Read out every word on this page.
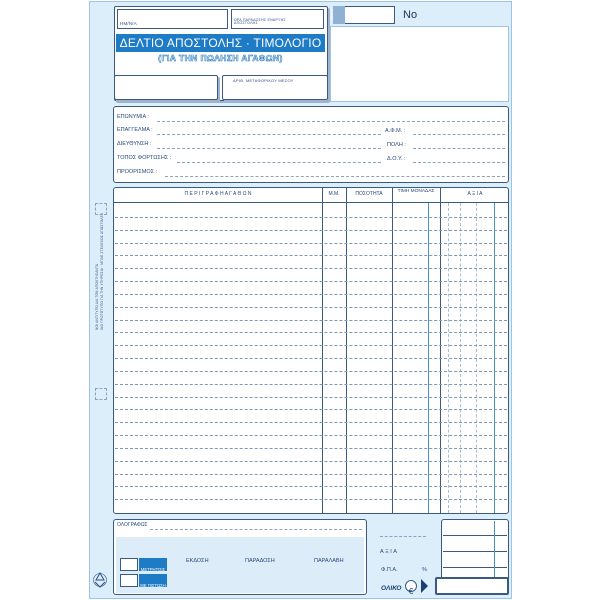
ΗΜ/ΝΙΑ
ΩΡΑ ΠΑΡΑΔΟΣΗΣ ΕΝΑΡΞΗΣ ΑΠΟΣΤΟΛΗΣ
ΔΕΛΤΙΟ ΑΠΟΣΤΟΛΗΣ · ΤΙΜΟΛΟΓΙΟ
(ΓΙΑ ΤΗΝ ΠΩΛΗΣΗ ΑΓΑΘΩΝ)
ΑΡΙΘ. ΜΕΤΑΦΟΡΙΚΟΥ ΜΕΣΟΥ
ΣΕΙΡΑ	No
ΕΠΩΝΥΜΙΑ :
ΕΠΑΓΓΕΛΜΑ :	Α.Φ.Μ. :
ΔΙΕΥΘΥΝΣΗ :	ΠΟΛΗ :
ΤΟΠΟΣ ΦΟΡΤΩΣΗΣ :	Δ.Ο.Υ. :
ΠΡΟΟΡΙΣΜΟΣ :
Π Ε Ρ Ι Γ Ρ Α Φ Η Α Γ Α Θ Ω Ν	Μ.Μ.	ΠΟΣΟΤΗΤΑ	ΤΙΜΗ ΜΟΝΑΔΑΣ	Α Ξ Ι Α
ΝΟΙ ΑΝΤΙΤΥΠΟ ΔΙΑ ΤΟΝ ΑΠΟΚΤΗΣΑΝΤΑ
ΟΛΟΓΡΑΦΩΣ
ΜΕΤΡΗΤΟΙΣ
ΜΕ ΠΙΣΤΩΣΗ
ΕΚΔΟΣΗ	ΠΑΡΑΔΟΣΗ	ΠΑΡΑΛΑΒΗ
ΑΞΙΑ
Φ.Π.Α.	%
ΟΛΙΚΟ €
